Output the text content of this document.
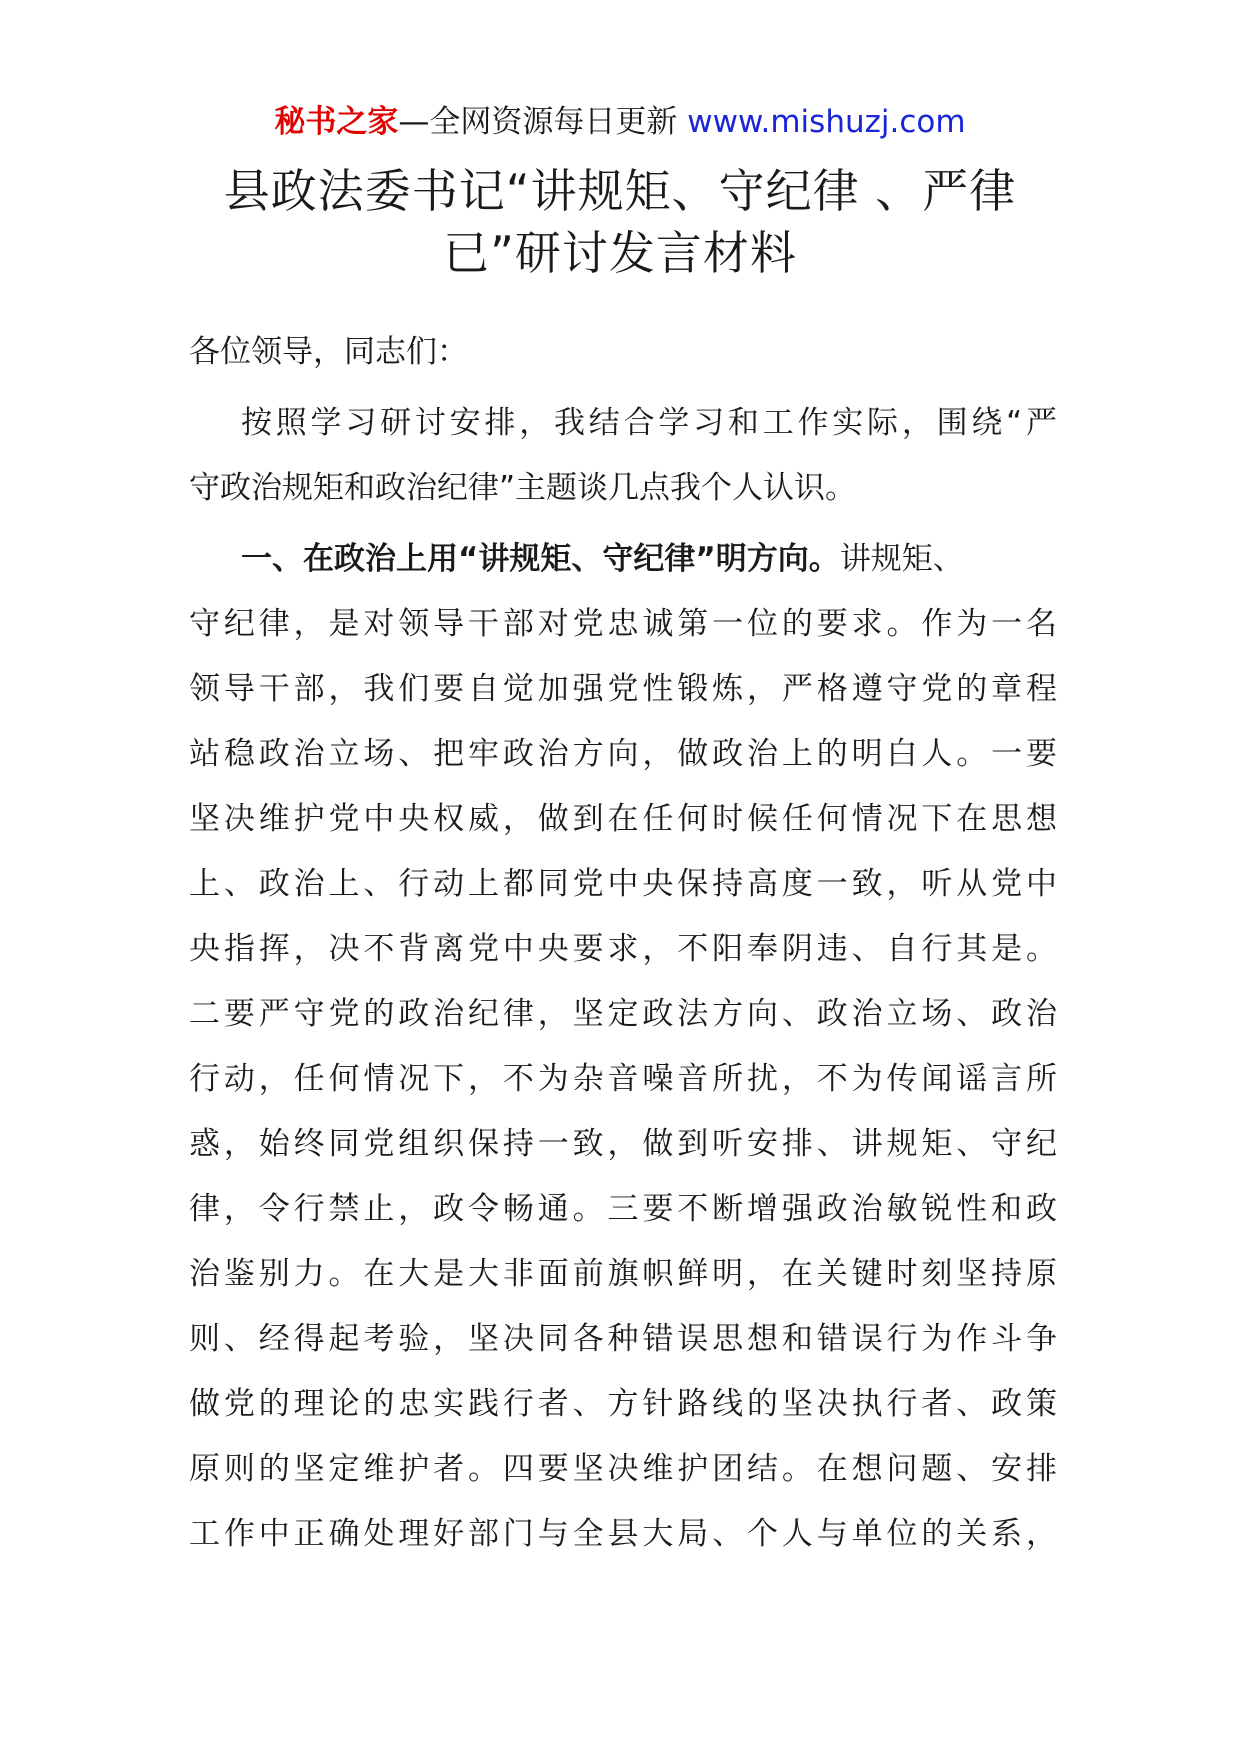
秘书之家—全网资源每日更新 www.mishuzj.com
县政法委书记“讲规矩、守纪律 、严律
已”研讨发言材料
各位领导，同志们：
按照学习研讨安排，我结合学习和工作实际，围绕“严
守政治规矩和政治纪律”主题谈几点我个人认识。
一、在政治上用“讲规矩、守纪律”明方向。讲规矩、
守纪律，是对领导干部对党忠诚第一位的要求。作为一名
领导干部，我们要自觉加强党性锻炼，严格遵守党的章程
站稳政治立场、把牢政治方向，做政治上的明白人。一要
坚决维护党中央权威，做到在任何时候任何情况下在思想
上、政治上、行动上都同党中央保持高度一致，听从党中
央指挥，决不背离党中央要求，不阳奉阴违、自行其是。
二要严守党的政治纪律，坚定政法方向、政治立场、政治
行动，任何情况下，不为杂音噪音所扰，不为传闻谣言所
惑，始终同党组织保持一致，做到听安排、讲规矩、守纪
律，令行禁止，政令畅通。三要不断增强政治敏锐性和政
治鉴别力。在大是大非面前旗帜鲜明，在关键时刻坚持原
则、经得起考验，坚决同各种错误思想和错误行为作斗争
做党的理论的忠实践行者、方针路线的坚决执行者、政策
原则的坚定维护者。四要坚决维护团结。在想问题、安排
工作中正确处理好部门与全县大局、个人与单位的关系，
